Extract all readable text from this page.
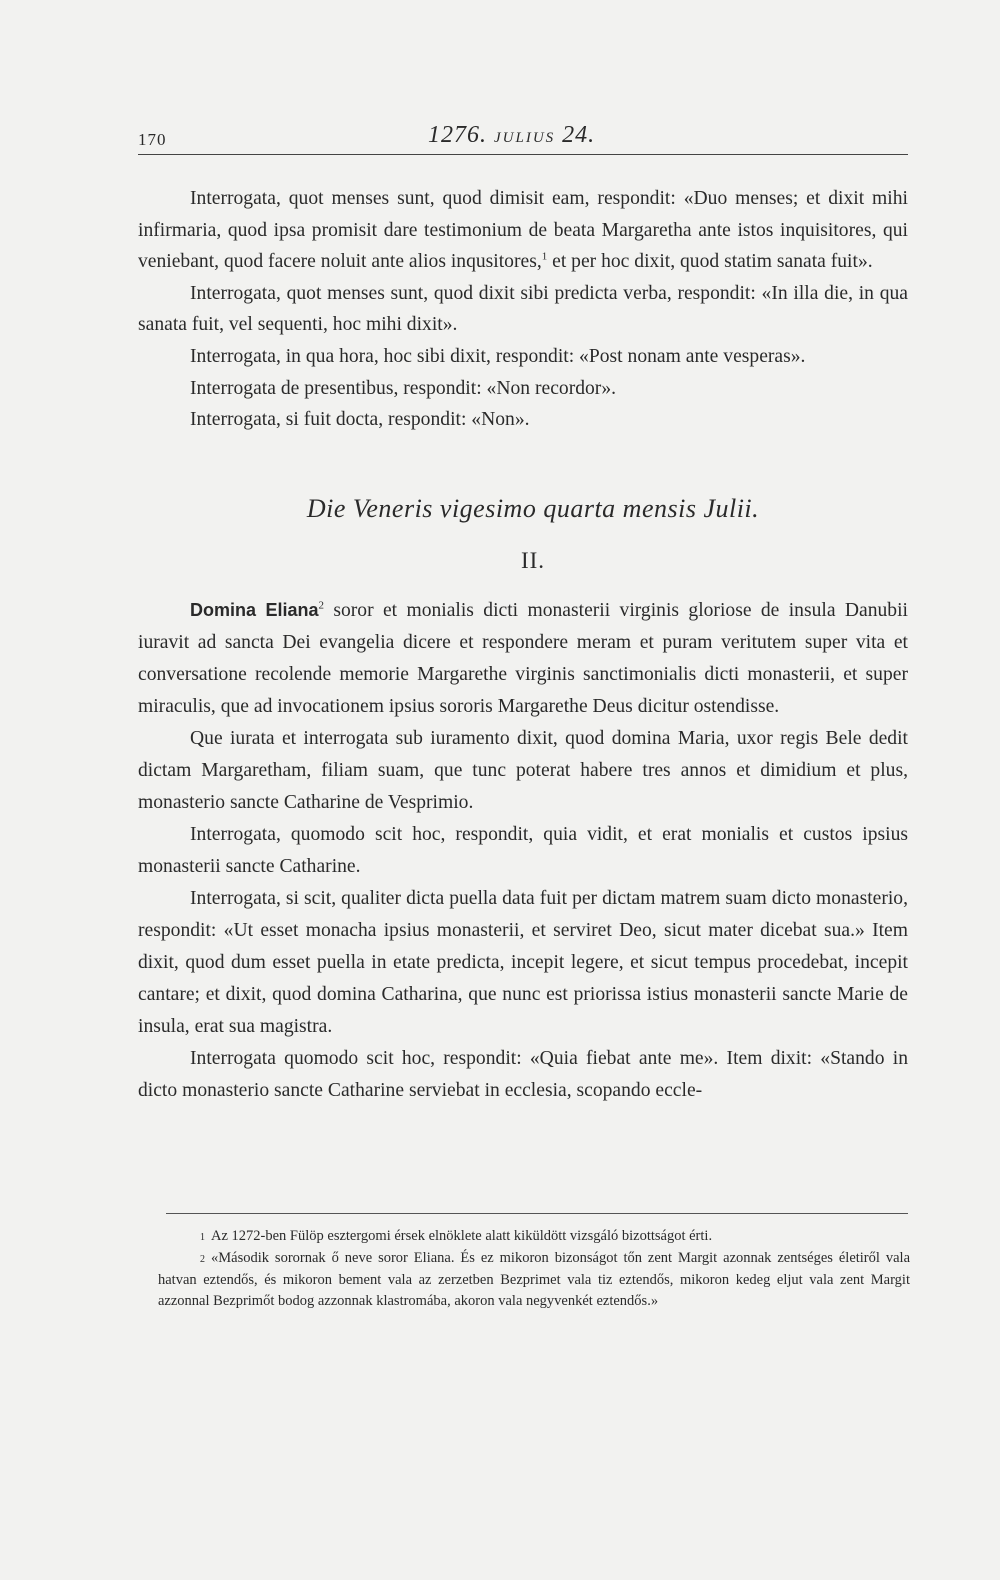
170	1276. JULIUS 24.

Interrogata, quot menses sunt, quod dimisit eam, respondit: «Duo menses; et dixit mihi infirmaria, quod ipsa promisit dare testimonium de beata Margaretha ante istos inquisitores, qui veniebant, quod facere noluit ante alios inqusitores,$^1$ et per hoc dixit, quod statim sanata fuit».

Interrogata, quot menses sunt, quod dixit sibi predicta verba, respondit: «In illa die, in qua sanata fuit, vel sequenti, hoc mihi dixit».

Interrogata, in qua hora, hoc sibi dixit, respondit: «Post nonam ante vesperas».

Interrogata de presentibus, respondit: «Non recordor».

Interrogata, si fuit docta, respondit: «Non».

Die Veneris vigesimo quarta mensis Julii.
II.

Domina Eliana$^2$ soror et monialis dicti monasterii virginis gloriose de insula Danubii iuravit ad sancta Dei evangelia dicere et respondere meram et puram veritutem super vita et conversatione recolende memorie Margarethe virginis sanctimonialis dicti monasterii, et super miraculis, que ad invocationem ipsius sororis Margarethe Deus dicitur ostendisse.

Que iurata et interrogata sub iuramento dixit, quod domina Maria, uxor regis Bele dedit dictam Margaretham, filiam suam, que tunc poterat habere tres annos et dimidium et plus, monasterio sancte Catharine de Vesprimio.

Interrogata, quomodo scit hoc, respondit, quia vidit, et erat monialis et custos ipsius monasterii sancte Catharine.

Interrogata, si scit, qualiter dicta puella data fuit per dictam matrem suam dicto monasterio, respondit: «Ut esset monacha ipsius monasterii, et serviret Deo, sicut mater dicebat sua.» Item dixit, quod dum esset puella in etate predicta, incepit legere, et sicut tempus procedebat, incepit cantare; et dixit, quod domina Catharina, que nunc est priorissa istius monasterii sancte Marie de insula, erat sua magistra.

Interrogata quomodo scit hoc, respondit: «Quia fiebat ante me». Item dixit: «Stando in dicto monasterio sancte Catharine serviebat in ecclesia, scopando eccle-

1 Az 1272-ben Fülöp esztergomi érsek elnöklete alatt kiküldött vizsgáló bizottságot érti.

2 «Második sorornak ő neve soror Eliana. És ez mikoron bizonságot tőn zent Margit azonnak zentséges életiről vala hatvan eztendős, és mikoron bement vala az zerzetben Bezprimet vala tiz eztendős, mikoron kedeg eljut vala zent Margit azzonnal Bezprimőt bodog azzonnak klastromába, akoron vala negyvenkét eztendős.»
